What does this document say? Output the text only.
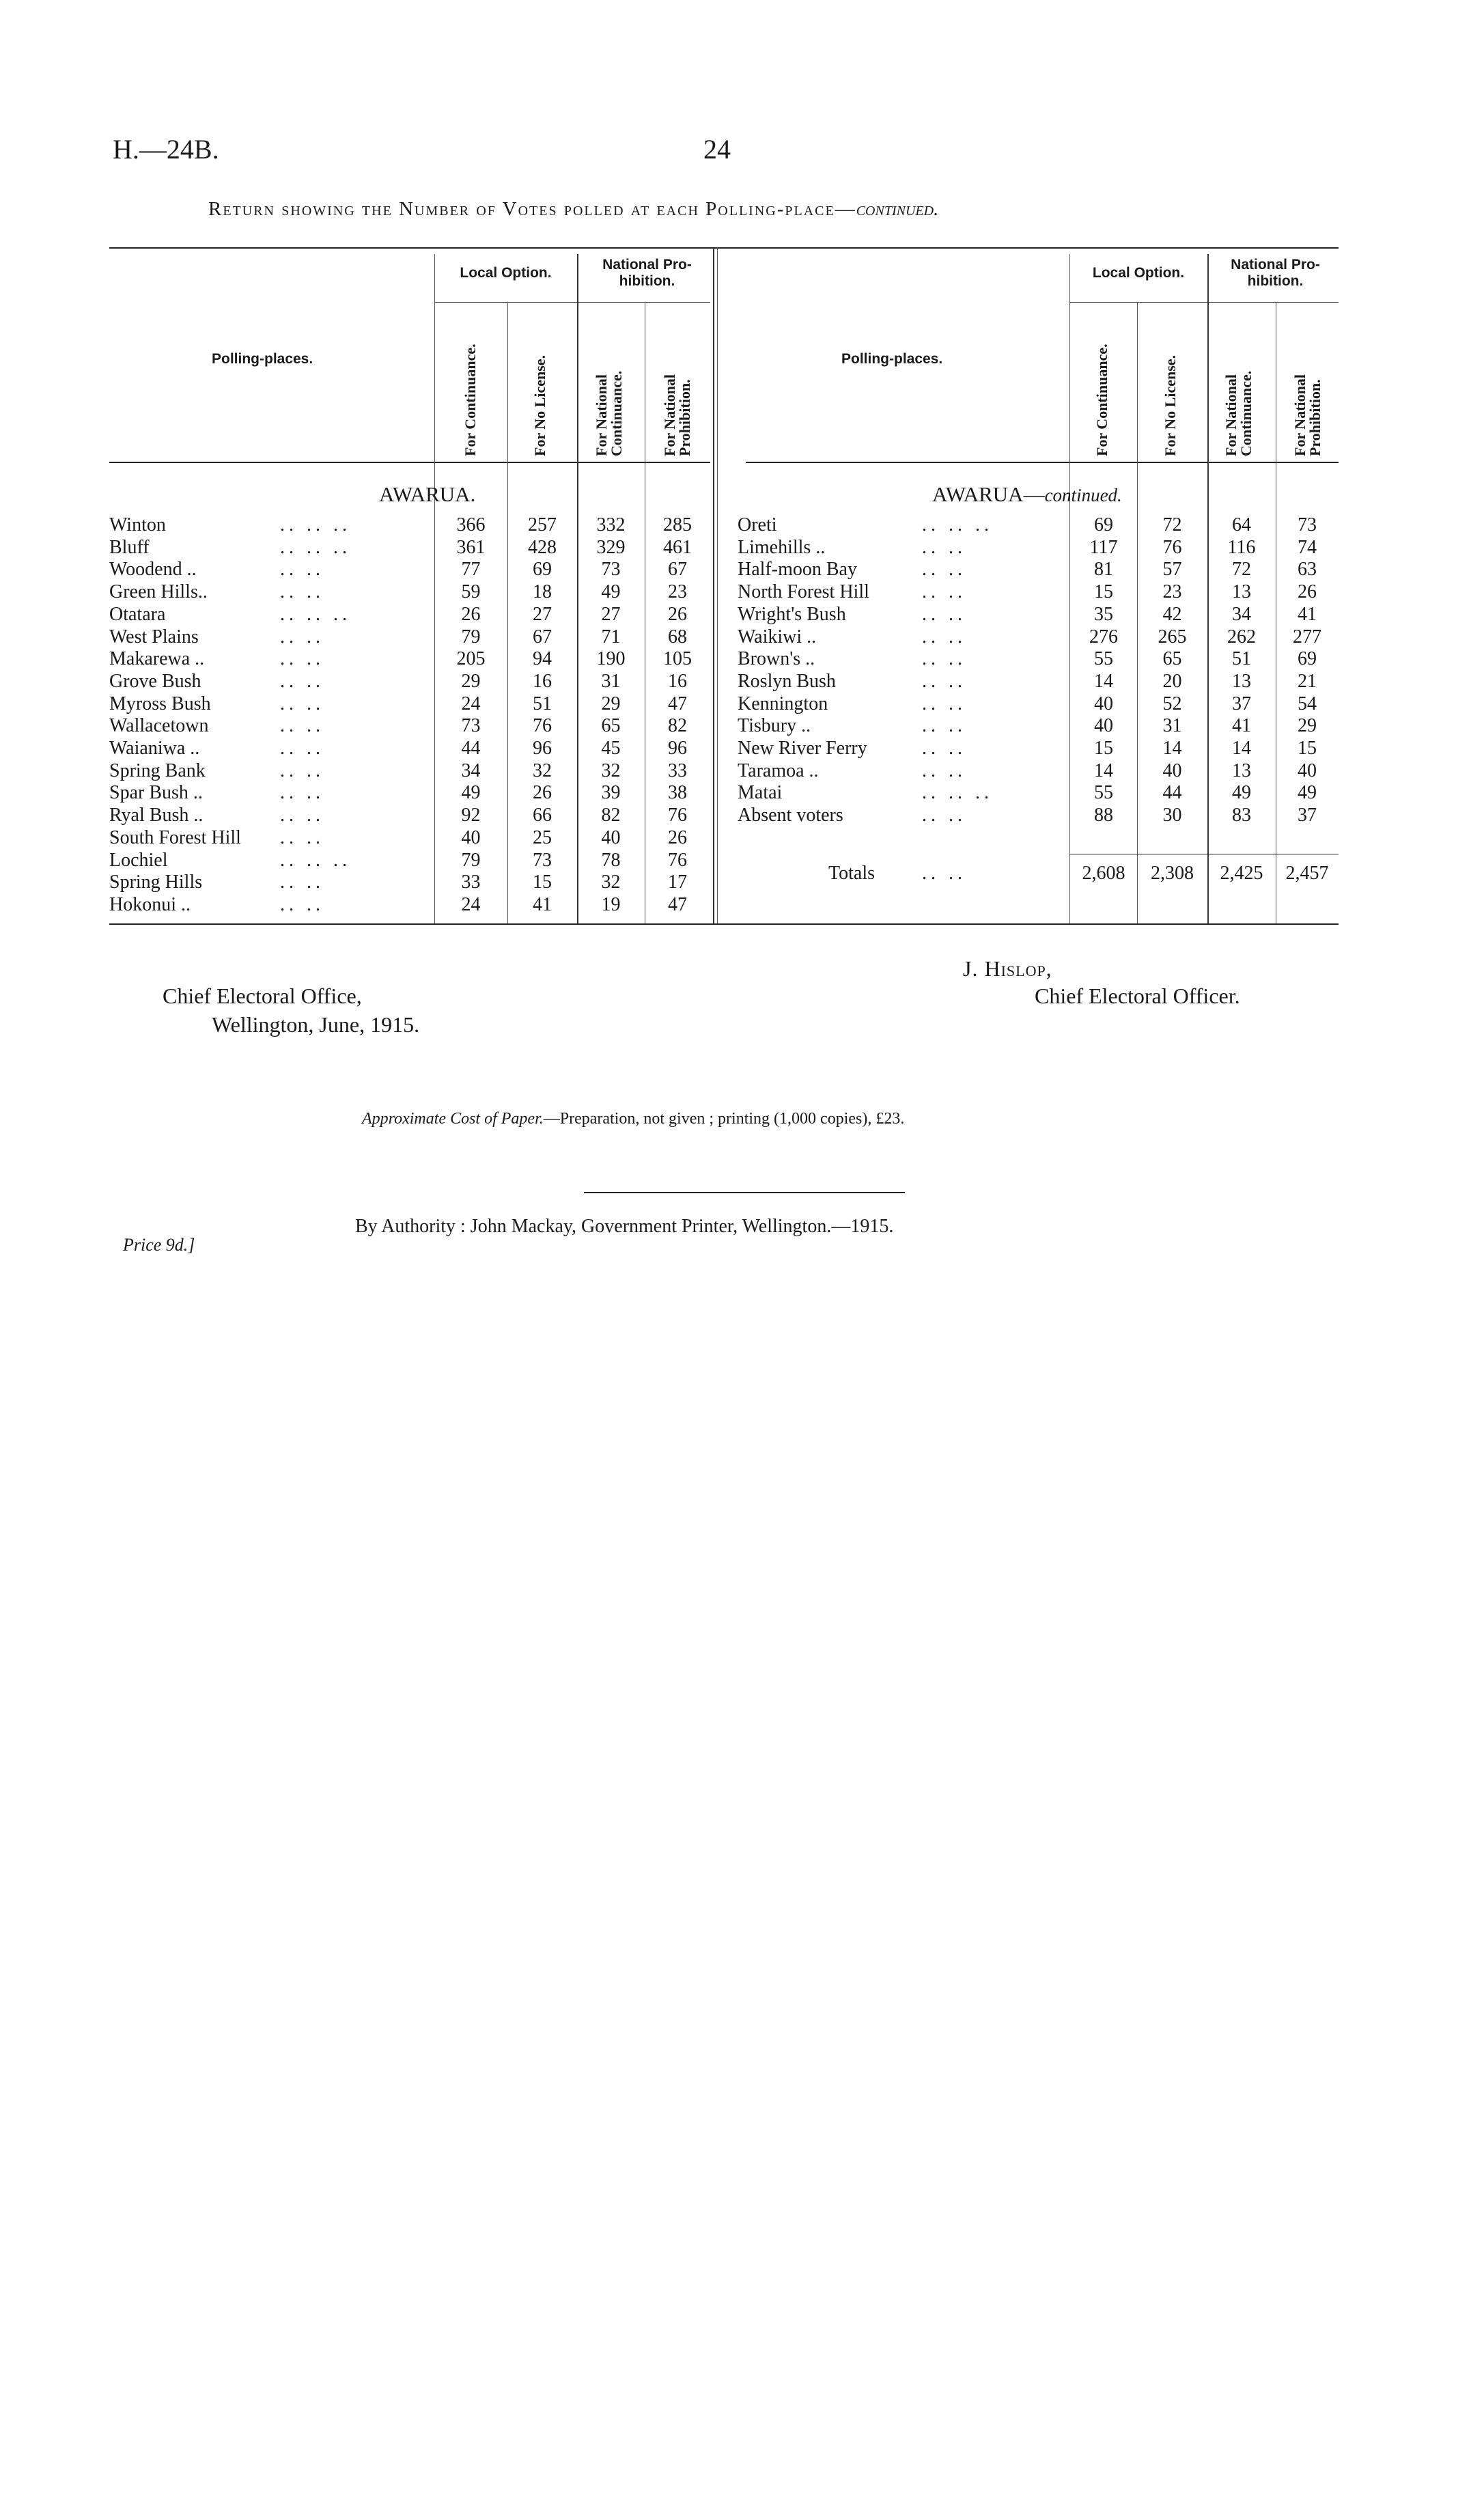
H.—24B.	24
Return showing the Number of Votes polled at each Polling-place—continued.
Polling-places.
Local Option.
National Pro-hibition.
For Continuance.	For No License.	For National Continuance. For National Prohibition.
Polling-places.
Local Option.
National Pro-hibition.
For Continuance.	For No License.	For National Continuance. For National Prohibition.
AWARUA.	AWARUA—continued.
Winton	.. .. ..	366	257	332	285
Bluff	.. .. ..	361	428	329	461
Woodend ..	.. ..	77	69	73	67
Green Hills..	.. ..	59	18	49	23
Otatara	.. .. ..	26	27	27	26
West Plains	.. ..	79	67	71	68
Makarewa ..	.. ..	205	94	190	105
Grove Bush	.. ..	29	16	31	16
Myross Bush	.. ..	24	51	29	47
Wallacetown	.. ..	73	76	65	82
Waianiwa ..	.. ..	44	96	45	96
Spring Bank	.. ..	34	32	32	33
Spar Bush ..	.. ..	49	26	39	38
Ryal Bush ..	.. ..	92	66	82	76
South Forest Hill .. ..	40	25	40	26
Lochiel	.. .. ..	79	73	78	76
Spring Hills	.. ..	33	15	32	17
Hokonui ..	.. ..	24	41	19	47
Oreti	.. .. ..	69	72	64	73
Limehills ..	.. ..	117	76	116	74
Half-moon Bay	.. ..	81	57	72	63
North Forest Hill	.. ..	15	23	13	26
Wright's Bush	.. ..	35	42	34	41
Waikiwi ..	.. ..	276	265	262	277
Brown's ..	.. ..	55	65	51	69
Roslyn Bush	.. ..	14	20	13	21
Kennington	.. ..	40	52	37	54
Tisbury ..	.. ..	40	31	41	29
New River Ferry	.. ..	15	14	14	15
Taramoa ..	.. ..	14	40	13	40
Matai	.. .. ..	55	44	49	49
Absent voters	.. ..	88	30	83	37
Totals .. ..	2,608	2,308	2,425	2,457
J. Hislop,
Chief Electoral Officer.
Chief Electoral Office,
Wellington, June, 1915.
Approximate Cost of Paper.—Preparation, not given ; printing (1,000 copies), £23.
By Authority : John Mackay, Government Printer, Wellington.—1915.
Price 9d.]
